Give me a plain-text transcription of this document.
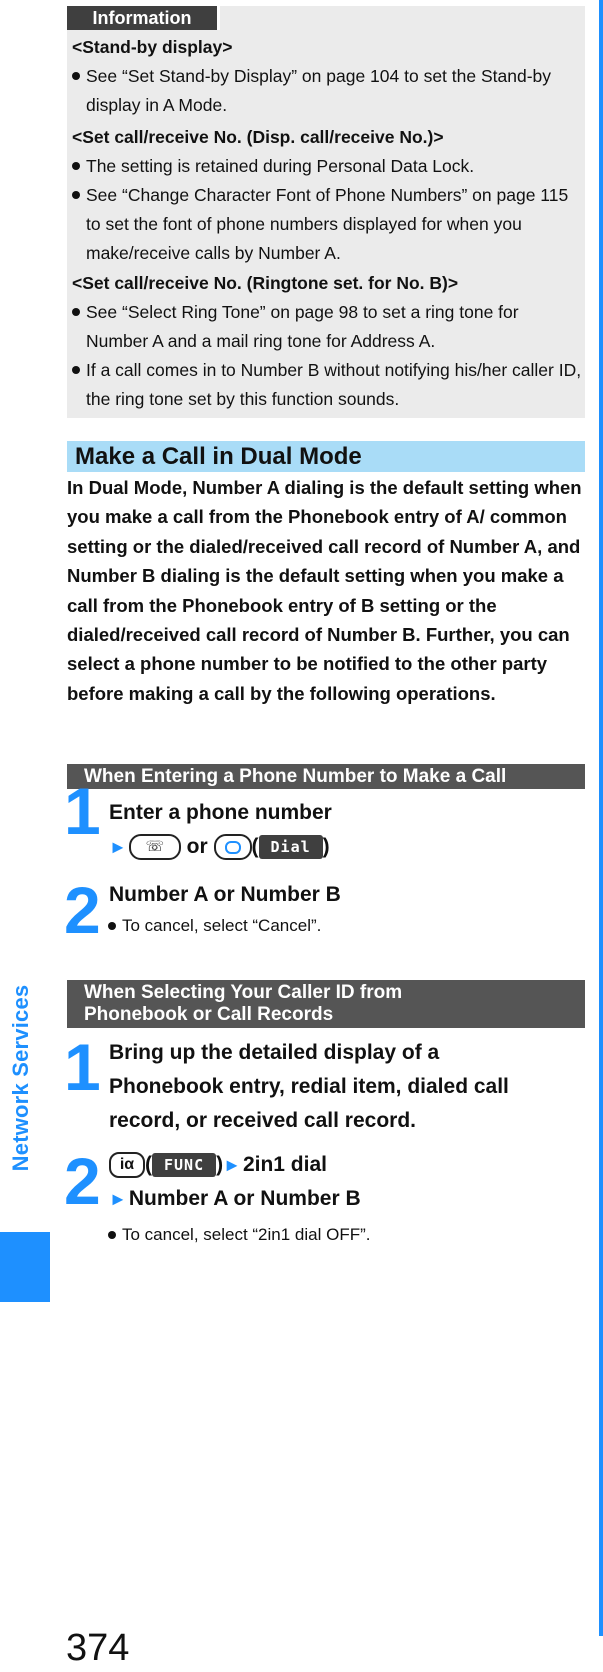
Network Services
Information
<Stand-by display>
See “Set Stand-by Display” on page 104 to set the Stand-by display in A Mode.
<Set call/receive No. (Disp. call/receive No.)>
The setting is retained during Personal Data Lock.
See “Change Character Font of Phone Numbers” on page 115 to set the font of phone numbers displayed for when you make/receive calls by Number A.
<Set call/receive No. (Ringtone set. for No. B)>
See “Select Ring Tone” on page 98 to set a ring tone for Number A and a mail ring tone for Address A.
If a call comes in to Number B without notifying his/her caller ID, the ring tone set by this function sounds.
Make a Call in Dual Mode
In Dual Mode, Number A dialing is the default setting when you make a call from the Phonebook entry of A/ common setting or the dialed/received call record of Number A, and Number B dialing is the default setting when you make a call from the Phonebook entry of B setting or the dialed/received call record of Number B. Further, you can select a phone number to be notified to the other party before making a call by the following operations.
When Entering a Phone Number to Make a Call
1 Enter a phone number
► ☏ or ( Dial )
2 Number A or Number B
To cancel, select “Cancel”.
When Selecting Your Caller ID from
Phonebook or Call Records
1 Bring up the detailed display of a Phonebook entry, redial item, dialed call record, or received call record.
2	iα ( FUNC )►2in1 dial
►Number A or Number B
To cancel, select “2in1 dial OFF”.
374
